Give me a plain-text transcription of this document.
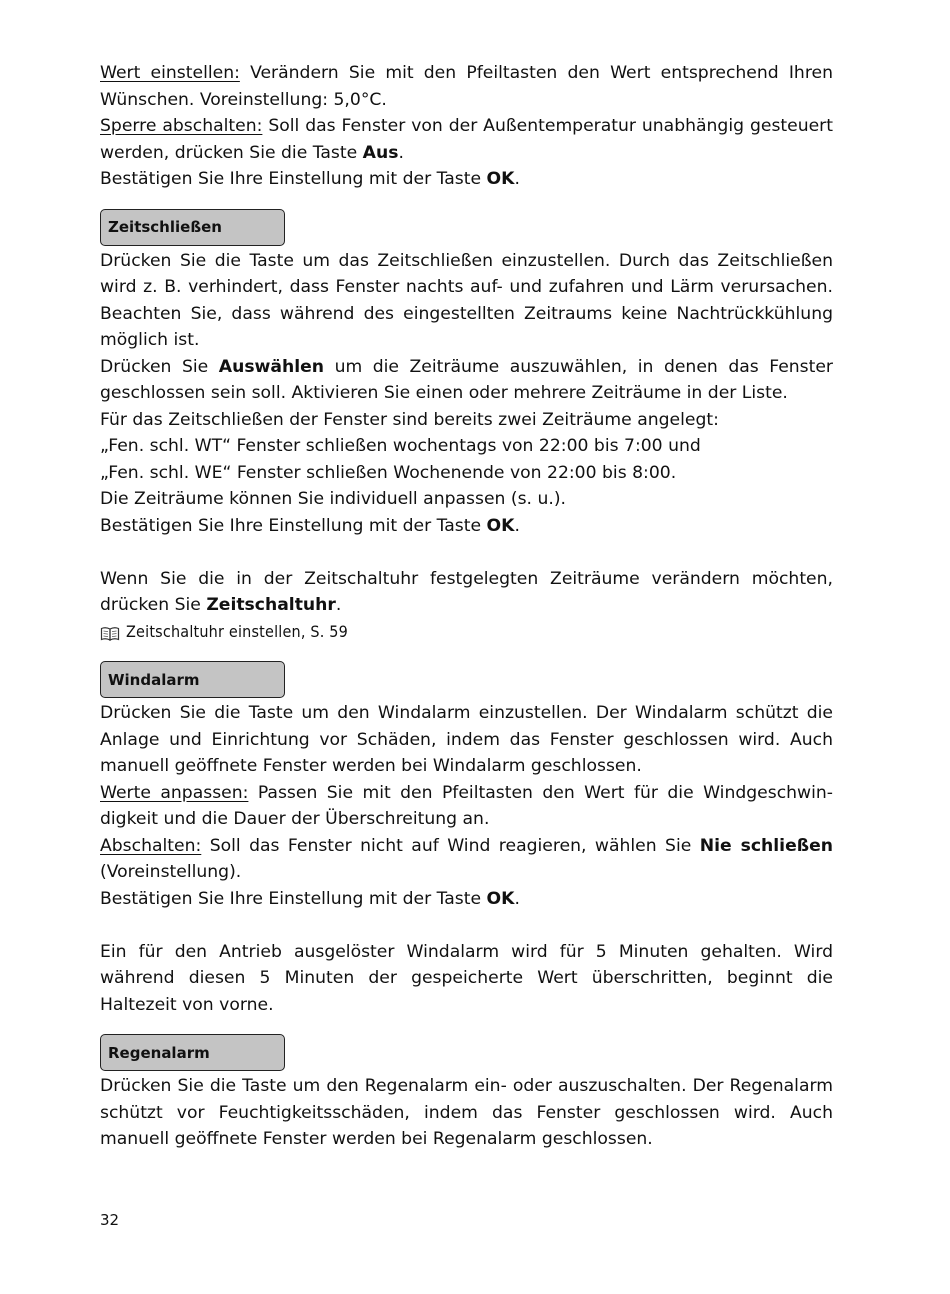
Wert einstellen: Verändern Sie mit den Pfeiltasten den Wert entsprechend Ihren Wünschen. Voreinstellung: 5,0°C.

Sperre abschalten: Soll das Fenster von der Außentemperatur unabhängig gesteuert werden, drücken Sie die Taste Aus.

Bestätigen Sie Ihre Einstellung mit der Taste OK.

Zeitschließen

Drücken Sie die Taste um das Zeitschließen einzustellen. Durch das Zeitschließen wird z. B. verhindert, dass Fenster nachts auf- und zufahren und Lärm verursachen. Beachten Sie, dass während des eingestellten Zeitraums keine Nachtrückkühlung möglich ist.

Drücken Sie Auswählen um die Zeiträume auszuwählen, in denen das Fenster geschlossen sein soll. Aktivieren Sie einen oder mehrere Zeiträume in der Liste.

Für das Zeitschließen der Fenster sind bereits zwei Zeiträume angelegt:

„Fen. schl. WT“ Fenster schließen wochentags von 22:00 bis 7:00 und

„Fen. schl. WE“ Fenster schließen Wochenende von 22:00 bis 8:00.

Die Zeiträume können Sie individuell anpassen (s. u.).

Bestätigen Sie Ihre Einstellung mit der Taste OK.

Wenn Sie die in der Zeitschaltuhr festgelegten Zeiträume verändern möchten, drücken Sie Zeitschaltuhr.

Zeitschaltuhr einstellen, S. 59
Windalarm

Drücken Sie die Taste um den Windalarm einzustellen. Der Windalarm schützt die Anlage und Einrichtung vor Schäden, indem das Fenster geschlossen wird. Auch manuell geöffnete Fenster werden bei Windalarm geschlossen.

Werte anpassen: Passen Sie mit den Pfeiltasten den Wert für die Windgeschwindigkeit und die Dauer der Überschreitung an.

Abschalten: Soll das Fenster nicht auf Wind reagieren, wählen Sie Nie schließen (Voreinstellung).

Bestätigen Sie Ihre Einstellung mit der Taste OK.

Ein für den Antrieb ausgelöster Windalarm wird für 5 Minuten gehalten. Wird während diesen 5 Minuten der gespeicherte Wert überschritten, beginnt die Haltezeit von vorne.

Regenalarm

Drücken Sie die Taste um den Regenalarm ein- oder auszuschalten. Der Regenalarm schützt vor Feuchtigkeitsschäden, indem das Fenster geschlossen wird. Auch manuell geöffnete Fenster werden bei Regenalarm geschlossen.

32
